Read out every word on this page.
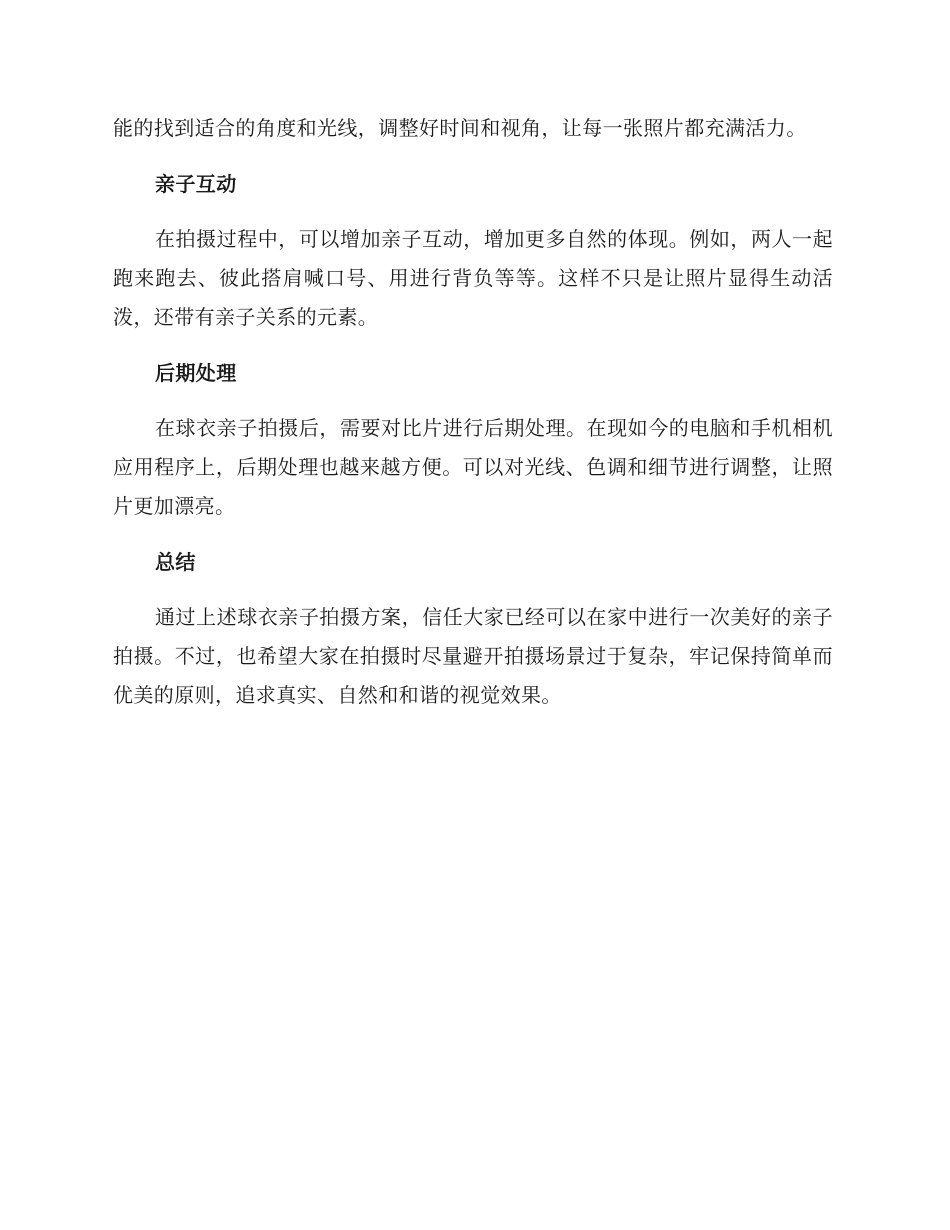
能的找到适合的角度和光线，调整好时间和视角，让每一张照片都充满活力。

亲子互动

在拍摄过程中，可以增加亲子互动，增加更多自然的体现。例如，两人一起跑来跑去、彼此搭肩喊口号、用进行背负等等。这样不只是让照片显得生动活泼，还带有亲子关系的元素。

后期处理

在球衣亲子拍摄后，需要对比片进行后期处理。在现如今的电脑和手机相机应用程序上，后期处理也越来越方便。可以对光线、色调和细节进行调整，让照片更加漂亮。

总结

通过上述球衣亲子拍摄方案，信任大家已经可以在家中进行一次美好的亲子拍摄。不过，也希望大家在拍摄时尽量避开拍摄场景过于复杂，牢记保持简单而优美的原则，追求真实、自然和和谐的视觉效果。
